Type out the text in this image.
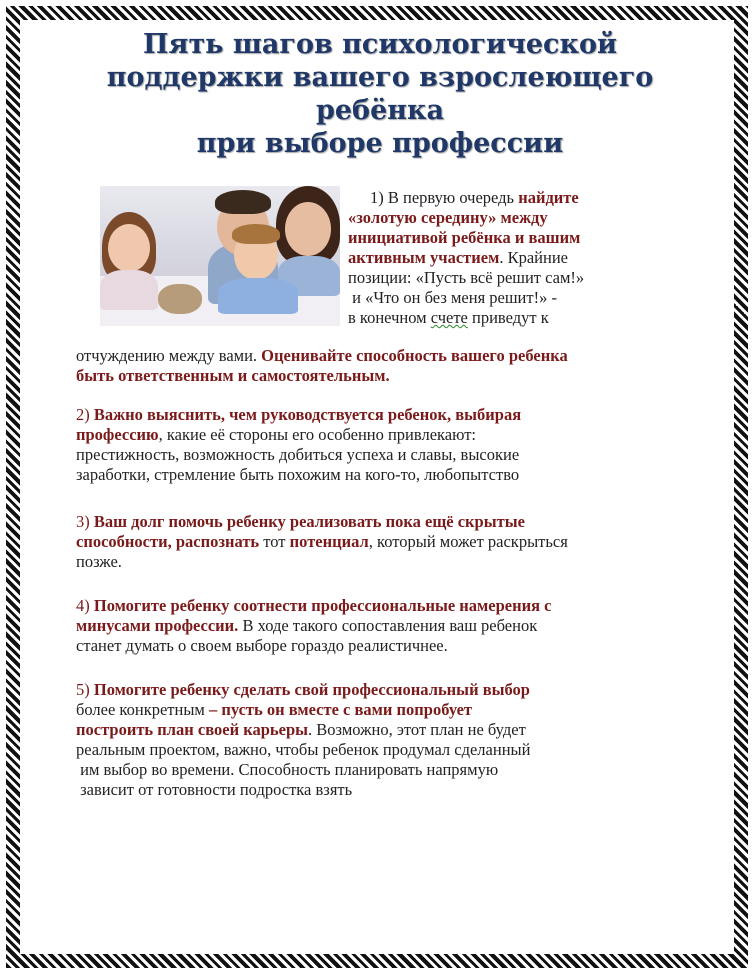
Пять шагов психологической
поддержки вашего взрослеющего
ребёнка
при выборе профессии
1) В первую очередь найдите
«золотую середину» между
инициативой ребёнка и вашим
активным участием. Крайние
позиции: «Пусть всё решит сам!»
и «Что он без меня решит!» -
в конечном счете приведут к
отчуждению между вами. Оценивайте способность вашего ребенка
быть ответственным и самостоятельным.
2) Важно выяснить, чем руководствуется ребенок, выбирая
профессию, какие её стороны его особенно привлекают:
престижность, возможность добиться успеха и славы, высокие
заработки, стремление быть похожим на кого-то, любопытство
3) Ваш долг помочь ребенку реализовать пока ещё скрытые
способности, распознать тот потенциал, который может раскрыться
позже.
4) Помогите ребенку соотнести профессиональные намерения с
минусами профессии. В ходе такого сопоставления ваш ребенок
станет думать о своем выборе гораздо реалистичнее.
5) Помогите ребенку сделать свой профессиональный выбор
более конкретным – пусть он вместе с вами попробует
построить план своей карьеры. Возможно, этот план не будет
реальным проектом, важно, чтобы ребенок продумал сделанный
им выбор во времени. Способность планировать напрямую
зависит от готовности подростка взять
